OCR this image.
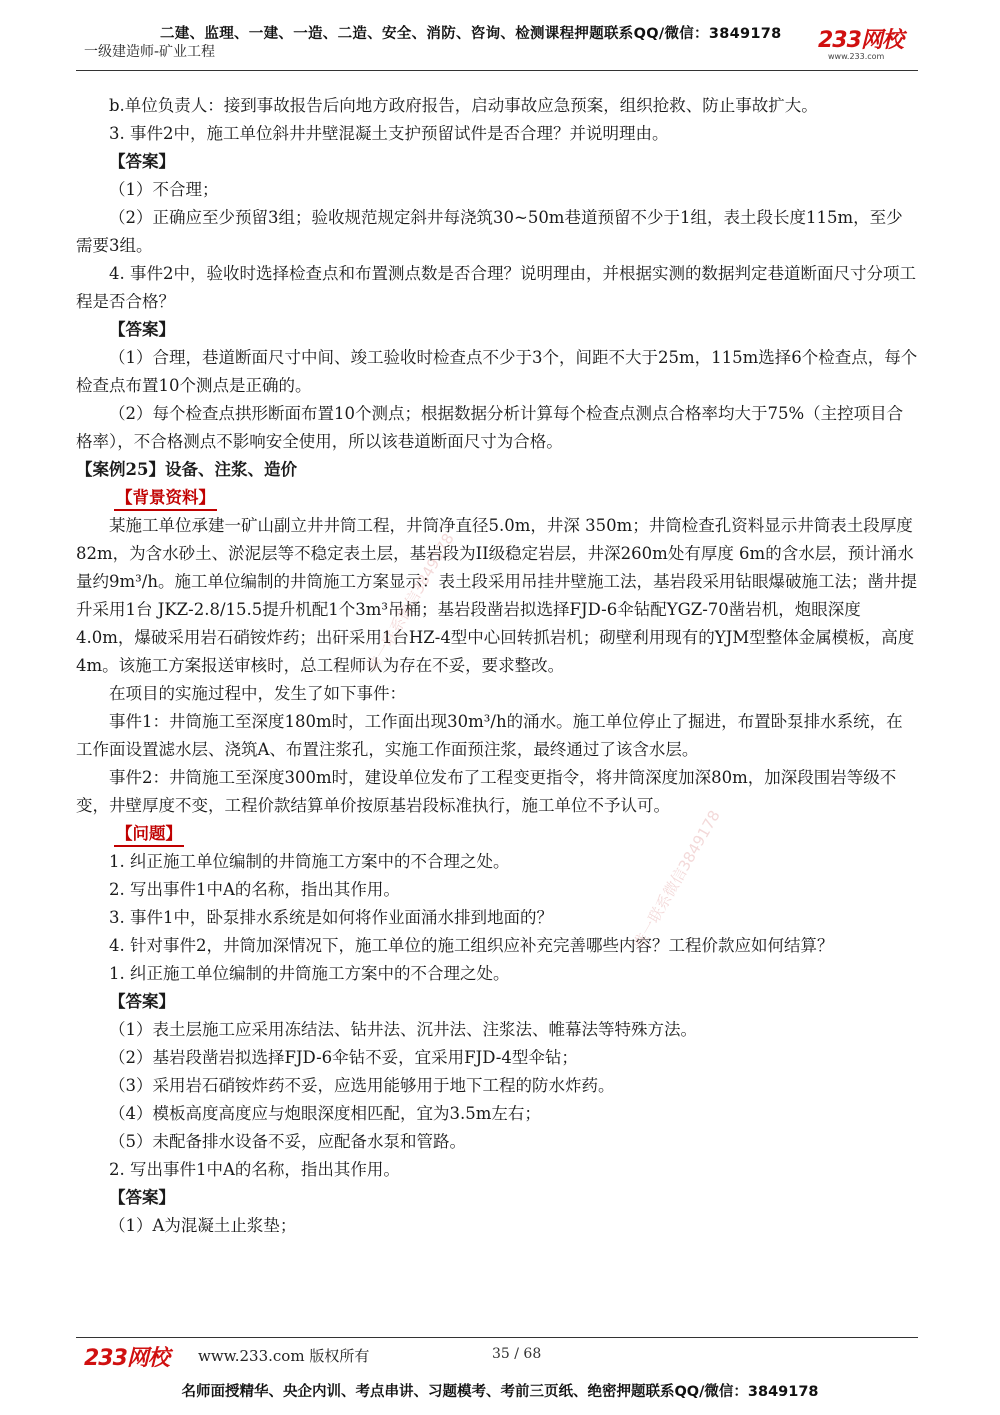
二建、监理、一建、一造、二造、安全、消防、咨询、检测课程押题联系QQ/微信：3849178
一级建造师-矿业工程	233网校
www.233.com

b.单位负责人：接到事故报告后向地方政府报告，启动事故应急预案，组织抢救、防止事故扩大。

3. 事件2中，施工单位斜井井壁混凝土支护预留试件是否合理？并说明理由。

【答案】

（1）不合理；

（2）正确应至少预留3组；验收规范规定斜井每浇筑30~50m巷道预留不少于1组，表土段长度115m，至少需要3组。

4. 事件2中，验收时选择检查点和布置测点数是否合理？说明理由，并根据实测的数据判定巷道断面尺寸分项工程是否合格？

【答案】

（1）合理，巷道断面尺寸中间、竣工验收时检查点不少于3个，间距不大于25m，115m选择6个检查点，每个检查点布置10个测点是正确的。

（2）每个检查点拱形断面布置10个测点；根据数据分析计算每个检查点测点合格率均大于75%（主控项目合格率），不合格测点不影响安全使用，所以该巷道断面尺寸为合格。

【案例25】设备、注浆、造价

【背景资料】

某施工单位承建一矿山副立井井筒工程，井筒净直径5.0m，井深 350m；井筒检查孔资料显示井筒表土段厚度82m，为含水砂土、淤泥层等不稳定表土层，基岩段为II级稳定岩层，井深260m处有厚度 6m的含水层，预计涌水量约9m³/h。施工单位编制的井筒施工方案显示：表土段采用吊挂井壁施工法，基岩段采用钻眼爆破施工法；凿井提升采用1台 JKZ-2.8/15.5提升机配1个3m³吊桶；基岩段凿岩拟选择FJD-6伞钻配YGZ-70凿岩机，炮眼深度4.0m，爆破采用岩石硝铵炸药；出矸采用1台HZ-4型中心回转抓岩机；砌壁利用现有的YJM型整体金属模板，高度4m。该施工方案报送审核时，总工程师认为存在不妥，要求整改。

在项目的实施过程中，发生了如下事件：

事件1：井筒施工至深度180m时，工作面出现30m³/h的涌水。施工单位停止了掘进，布置卧泵排水系统，在工作面设置滤水层、浇筑A、布置注浆孔，实施工作面预注浆，最终通过了该含水层。

事件2：井筒施工至深度300m时，建设单位发布了工程变更指令，将井筒深度加深80m，加深段围岩等级不变，井壁厚度不变，工程价款结算单价按原基岩段标准执行，施工单位不予认可。

【问题】

1. 纠正施工单位编制的井筒施工方案中的不合理之处。

2. 写出事件1中A的名称，指出其作用。

3. 事件1中，卧泵排水系统是如何将作业面涌水排到地面的？

4. 针对事件2，井筒加深情况下，施工单位的施工组织应补充完善哪些内容？工程价款应如何结算？

1. 纠正施工单位编制的井筒施工方案中的不合理之处。

【答案】

（1）表土层施工应采用冻结法、钻井法、沉井法、注浆法、帷幕法等特殊方法。

（2）基岩段凿岩拟选择FJD-6伞钻不妥，宜采用FJD-4型伞钻；

（3）采用岩石硝铵炸药不妥，应选用能够用于地下工程的防水炸药。

（4）模板高度高度应与炮眼深度相匹配，宜为3.5m左右；

（5）未配备排水设备不妥，应配备水泵和管路。

2. 写出事件1中A的名称，指出其作用。

【答案】

（1）A为混凝土止浆垫；

唯一联系微信3849178
唯一联系微信3849178
233网校 www.233.com 版权所有	35 / 68
名师面授精华、央企内训、考点串讲、习题模考、考前三页纸、绝密押题联系QQ/微信：3849178
